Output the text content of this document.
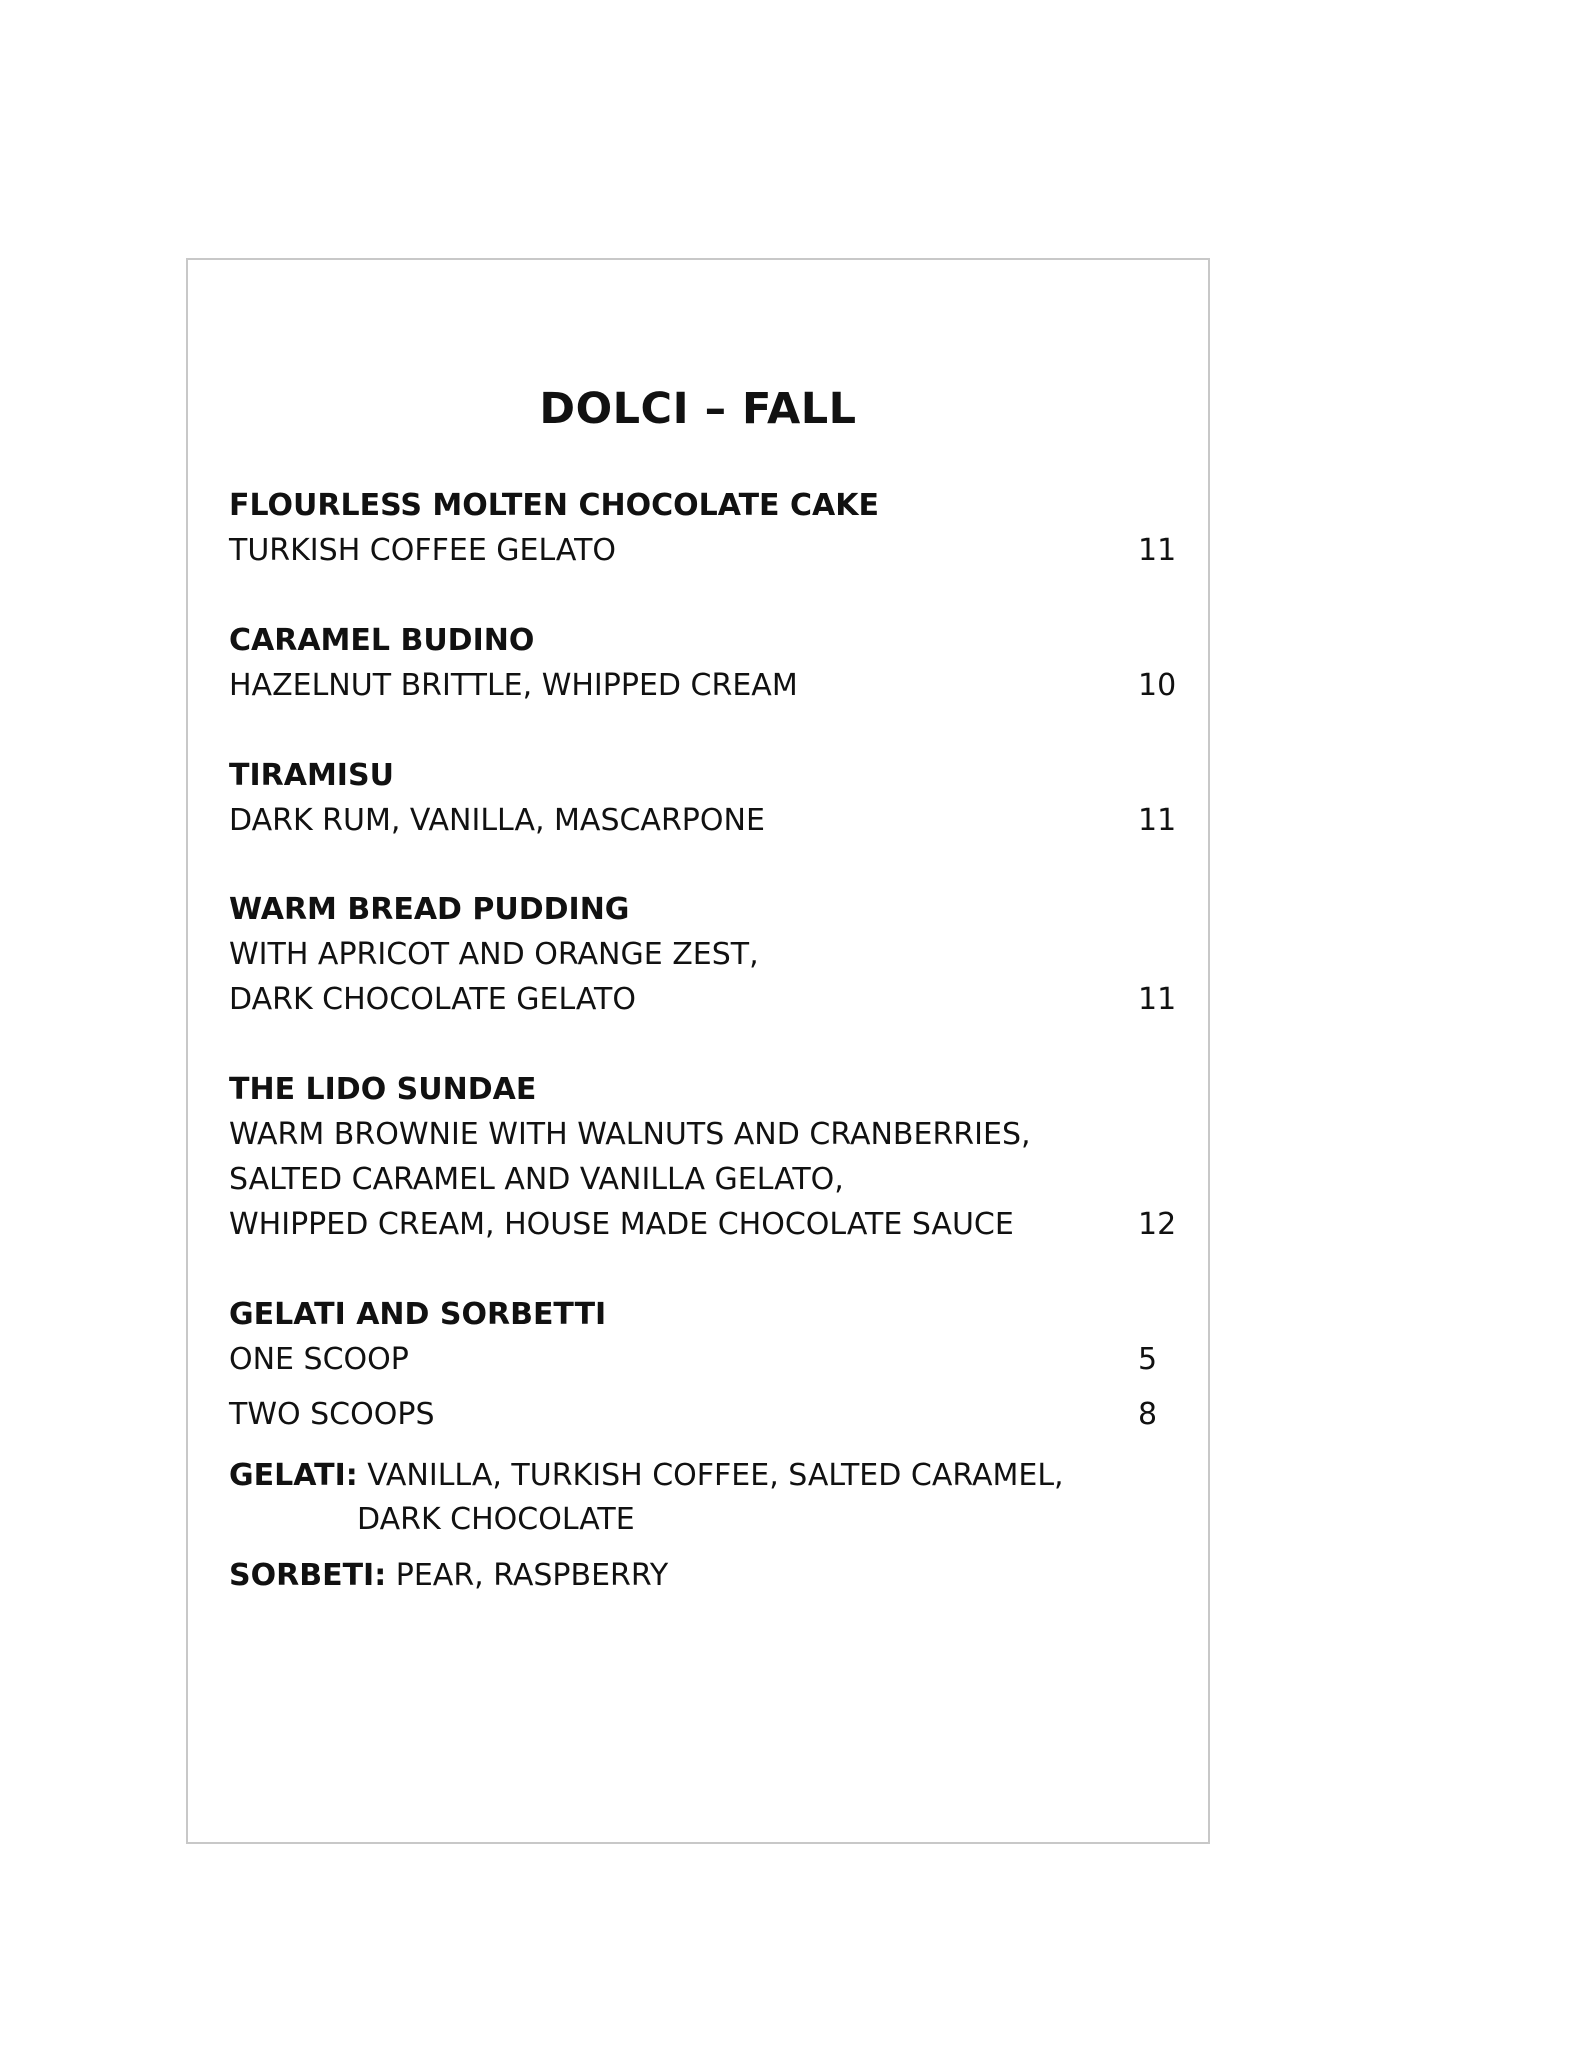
DOLCI – FALL
FLOURLESS MOLTEN CHOCOLATE CAKE
TURKISH COFFEE GELATO	11
CARAMEL BUDINO
HAZELNUT BRITTLE, WHIPPED CREAM	10
TIRAMISU
DARK RUM, VANILLA, MASCARPONE	11
WARM BREAD PUDDING
WITH APRICOT AND ORANGE ZEST,
DARK CHOCOLATE GELATO	11
THE LIDO SUNDAE
WARM BROWNIE WITH WALNUTS AND CRANBERRIES,
SALTED CARAMEL AND VANILLA GELATO,
WHIPPED CREAM, HOUSE MADE CHOCOLATE SAUCE	12
GELATI AND SORBETTI
ONE SCOOP	5
TWO SCOOPS	8
GELATI: VANILLA, TURKISH COFFEE, SALTED CARAMEL,
DARK CHOCOLATE
SORBETI: PEAR, RASPBERRY
